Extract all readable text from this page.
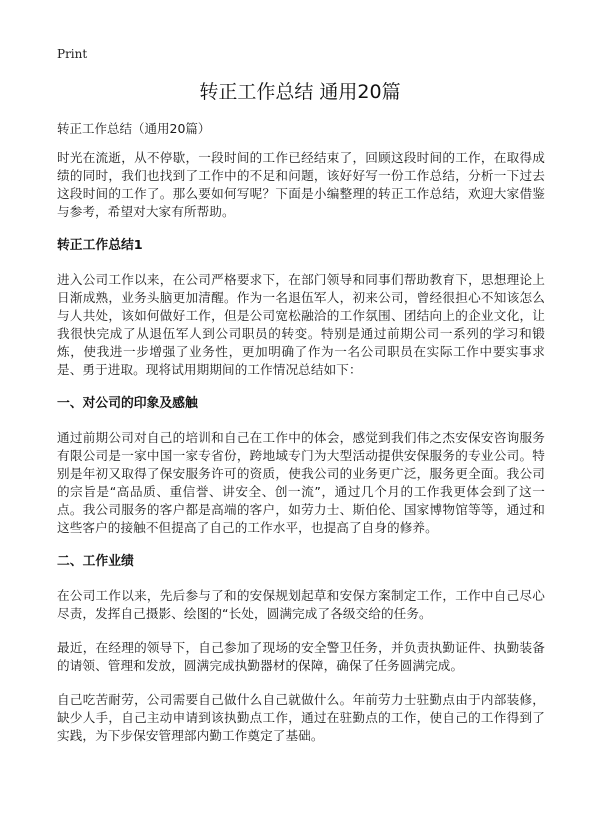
Print
转正工作总结 通用20篇

转正工作总结（通用20篇）

时光在流逝，从不停歇，一段时间的工作已经结束了，回顾这段时间的工作，在取得成绩的同时，我们也找到了工作中的不足和问题，该好好写一份工作总结，分析一下过去这段时间的工作了。那么要如何写呢？下面是小编整理的转正工作总结，欢迎大家借鉴与参考，希望对大家有所帮助。

转正工作总结1

进入公司工作以来，在公司严格要求下，在部门领导和同事们帮助教育下，思想理论上日渐成熟，业务头脑更加清醒。作为一名退伍军人，初来公司，曾经很担心不知该怎么与人共处，该如何做好工作，但是公司宽松融洽的工作氛围、团结向上的企业文化，让我很快完成了从退伍军人到公司职员的转变。特别是通过前期公司一系列的学习和锻炼，使我进一步增强了业务性，更加明确了作为一名公司职员在实际工作中要实事求是、勇于进取。现将试用期期间的工作情况总结如下：

一、对公司的印象及感触

通过前期公司对自己的培训和自己在工作中的体会，感觉到我们伟之杰安保安咨询服务有限公司是一家中国一家专省份，跨地域专门为大型活动提供安保服务的专业公司。特别是年初又取得了保安服务许可的资质，使我公司的业务更广泛，服务更全面。我公司的宗旨是“高品质、重信誉、讲安全、创一流”，通过几个月的工作我更体会到了这一点。我公司服务的客户都是高端的客户，如劳力士、斯伯伦、国家博物馆等等，通过和这些客户的接触不但提高了自己的工作水平，也提高了自身的修养。

二、工作业绩

在公司工作以来，先后参与了和的安保规划起草和安保方案制定工作，工作中自己尽心尽责，发挥自己摄影、绘图的“长处，圆满完成了各级交给的任务。

最近，在经理的领导下，自己参加了现场的安全警卫任务，并负责执勤证件、执勤装备的请领、管理和发放，圆满完成执勤器材的保障，确保了任务圆满完成。

自己吃苦耐劳，公司需要自己做什么自己就做什么。年前劳力士驻勤点由于内部装修，缺少人手，自己主动申请到该执勤点工作，通过在驻勤点的工作，使自己的工作得到了实践，为下步保安管理部内勤工作奠定了基础。
